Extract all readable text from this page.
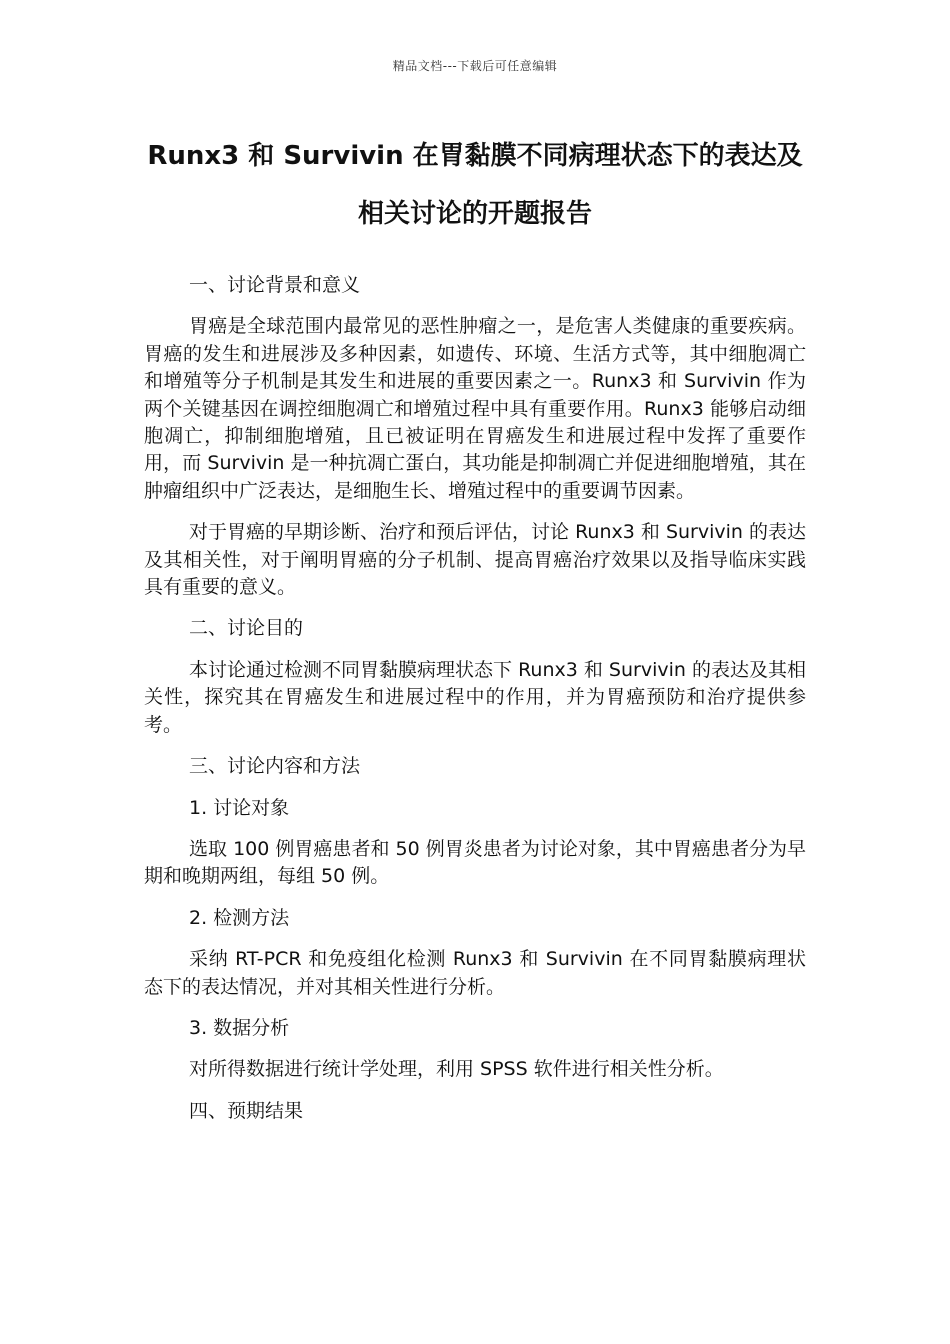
精品文档---下载后可任意编辑
Runx3 和 Survivin 在胃黏膜不同病理状态下的表达及
相关讨论的开题报告

一、讨论背景和意义

胃癌是全球范围内最常见的恶性肿瘤之一，是危害人类健康的重要疾病。胃癌的发生和进展涉及多种因素，如遗传、环境、生活方式等，其中细胞凋亡和增殖等分子机制是其发生和进展的重要因素之一。Runx3 和 Survivin 作为两个关键基因在调控细胞凋亡和增殖过程中具有重要作用。Runx3 能够启动细胞凋亡，抑制细胞增殖，且已被证明在胃癌发生和进展过程中发挥了重要作用，而 Survivin 是一种抗凋亡蛋白，其功能是抑制凋亡并促进细胞增殖，其在肿瘤组织中广泛表达，是细胞生长、增殖过程中的重要调节因素。

对于胃癌的早期诊断、治疗和预后评估，讨论 Runx3 和 Survivin 的表达及其相关性，对于阐明胃癌的分子机制、提高胃癌治疗效果以及指导临床实践具有重要的意义。

二、讨论目的

本讨论通过检测不同胃黏膜病理状态下 Runx3 和 Survivin 的表达及其相关性，探究其在胃癌发生和进展过程中的作用，并为胃癌预防和治疗提供参考。

三、讨论内容和方法

1. 讨论对象

选取 100 例胃癌患者和 50 例胃炎患者为讨论对象，其中胃癌患者分为早期和晚期两组，每组 50 例。

2. 检测方法

采纳 RT-PCR 和免疫组化检测 Runx3 和 Survivin 在不同胃黏膜病理状态下的表达情况，并对其相关性进行分析。

3. 数据分析

对所得数据进行统计学处理，利用 SPSS 软件进行相关性分析。

四、预期结果
